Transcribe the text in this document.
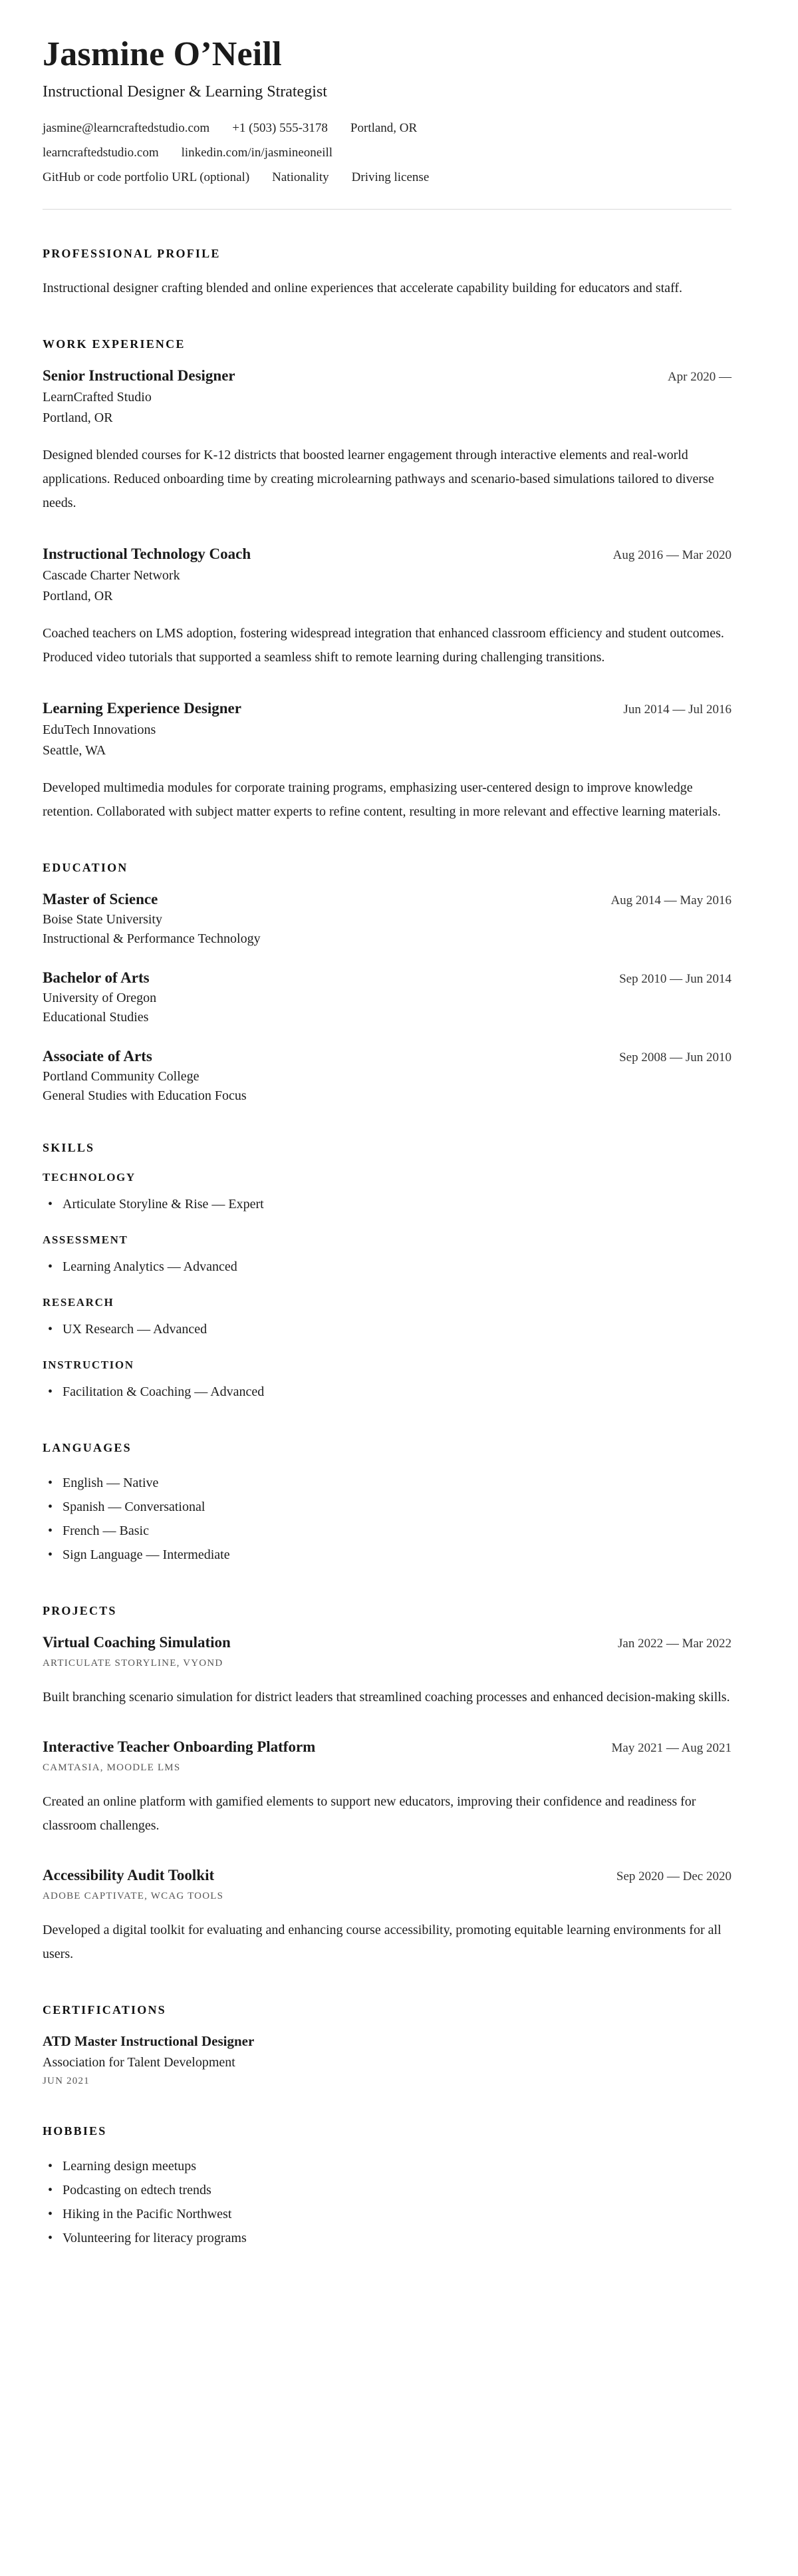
Jasmine O’Neill
Instructional Designer & Learning Strategist
jasmine@learncraftedstudio.com +1 (503) 555-3178 Portland, OR
learncraftedstudio.com linkedin.com/in/jasmineoneill
GitHub or code portfolio URL (optional) Nationality Driving license
PROFESSIONAL PROFILE

Instructional designer crafting blended and online experiences that accelerate capability building for educators and staff.

WORK EXPERIENCE
Senior Instructional Designer	Apr 2020 —
LearnCrafted Studio
Portland, OR

Designed blended courses for K-12 districts that boosted learner engagement through interactive elements and real-world applications. Reduced onboarding time by creating microlearning pathways and scenario-based simulations tailored to diverse needs.

Instructional Technology Coach	Aug 2016 — Mar 2020
Cascade Charter Network
Portland, OR

Coached teachers on LMS adoption, fostering widespread integration that enhanced classroom efficiency and student outcomes. Produced video tutorials that supported a seamless shift to remote learning during challenging transitions.

Learning Experience Designer	Jun 2014 — Jul 2016
EduTech Innovations
Seattle, WA

Developed multimedia modules for corporate training programs, emphasizing user-centered design to improve knowledge retention. Collaborated with subject matter experts to refine content, resulting in more relevant and effective learning materials.

EDUCATION
Master of Science	Aug 2014 — May 2016
Boise State University
Instructional & Performance Technology
Bachelor of Arts	Sep 2010 — Jun 2014
University of Oregon
Educational Studies
Associate of Arts	Sep 2008 — Jun 2010
Portland Community College
General Studies with Education Focus
SKILLS
TECHNOLOGY
• Articulate Storyline & Rise — Expert
ASSESSMENT
• Learning Analytics — Advanced
RESEARCH
• UX Research — Advanced
INSTRUCTION
• Facilitation & Coaching — Advanced
LANGUAGES
• English — Native
• Spanish — Conversational
• French — Basic
• Sign Language — Intermediate
PROJECTS
Virtual Coaching Simulation	Jan 2022 — Mar 2022
ARTICULATE STORYLINE, VYOND

Built branching scenario simulation for district leaders that streamlined coaching processes and enhanced decision-making skills.

Interactive Teacher Onboarding Platform	May 2021 — Aug 2021
CAMTASIA, MOODLE LMS

Created an online platform with gamified elements to support new educators, improving their confidence and readiness for classroom challenges.

Accessibility Audit Toolkit	Sep 2020 — Dec 2020
ADOBE CAPTIVATE, WCAG TOOLS

Developed a digital toolkit for evaluating and enhancing course accessibility, promoting equitable learning environments for all users.

CERTIFICATIONS
ATD Master Instructional Designer
Association for Talent Development
JUN 2021
HOBBIES
• Learning design meetups
• Podcasting on edtech trends
• Hiking in the Pacific Northwest
• Volunteering for literacy programs
